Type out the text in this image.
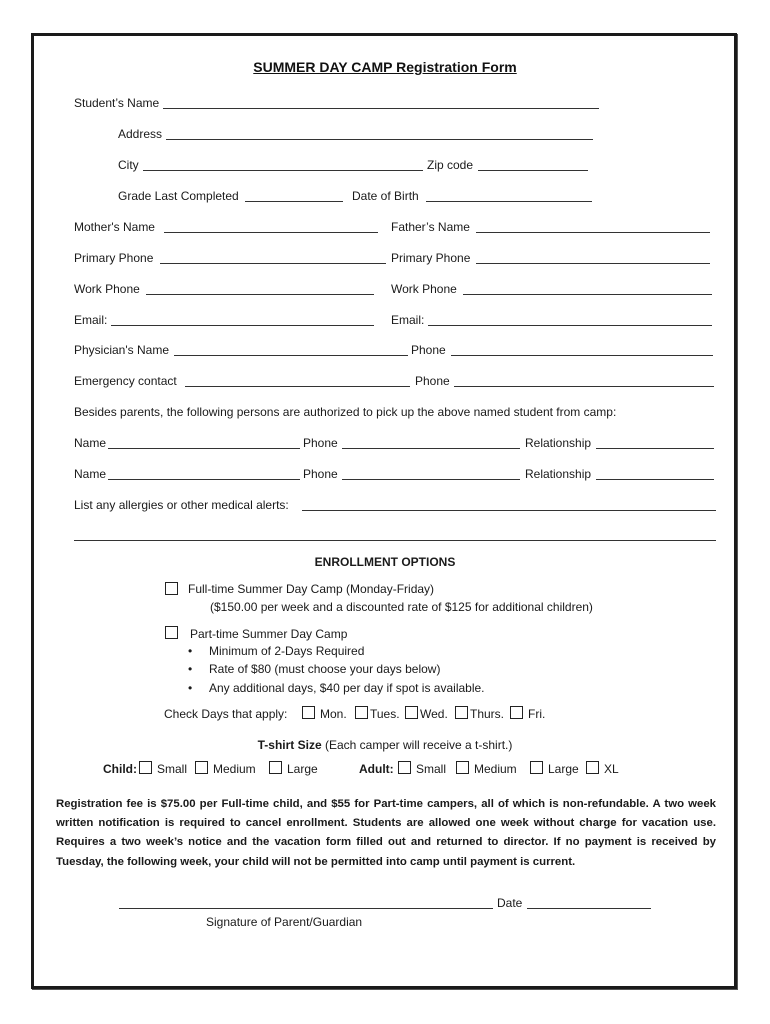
SUMMER DAY CAMP Registration Form
Student’s Name
Address
City	Zip code
Grade Last Completed	Date of Birth
Mother's Name	Father’s Name
Primary Phone	Primary Phone
Work Phone	Work Phone
Email:	Email:
Physician's Name	Phone
Emergency contact	Phone
Besides parents, the following persons are authorized to pick up the above named student from camp:
Name	Phone	Relationship
Name	Phone	Relationship
List any allergies or other medical alerts:
ENROLLMENT OPTIONS
Full-time Summer Day Camp (Monday-Friday)
($150.00 per week and a discounted rate of $125 for additional children)
Part-time Summer Day Camp
• Minimum of 2-Days Required
• Rate of $80 (must choose your days below)
• Any additional days, $40 per day if spot is available.
Check Days that apply:	Mon. Tues. Wed. Thurs. Fri.
T-shirt Size (Each camper will receive a t-shirt.)
Child: Small Medium	Large	Adult: Small Medium	Large XL
Registration fee is $75.00 per Full-time child, and $55 for Part-time campers, all of which is non-refundable. A two week written notification is required to cancel enrollment. Students are allowed one week without charge for vacation use. Requires a two week’s notice and the vacation form filled out and returned to director. If no payment is received by Tuesday, the following week, your child will not be permitted into camp until payment is current.
Date
Signature of Parent/Guardian
